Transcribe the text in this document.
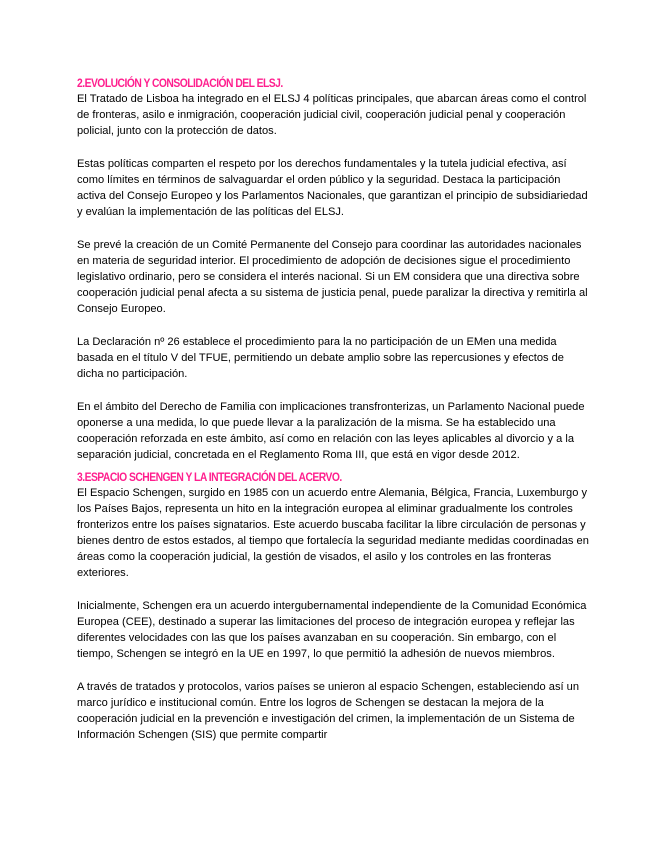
2.EVOLUCIÓN Y CONSOLIDACIÓN DEL ELSJ.

El Tratado de Lisboa ha integrado en el ELSJ 4 políticas principales, que abarcan áreas como el control de fronteras, asilo e inmigración, cooperación judicial civil, cooperación judicial penal y cooperación policial, junto con la protección de datos.

Estas políticas comparten el respeto por los derechos fundamentales y la tutela judicial efectiva, así como límites en términos de salvaguardar el orden público y la seguridad. Destaca la participación activa del Consejo Europeo y los Parlamentos Nacionales, que garantizan el principio de subsidiariedad y evalúan la implementación de las políticas del ELSJ.

Se prevé la creación de un Comité Permanente del Consejo para coordinar las autoridades nacionales en materia de seguridad interior. El procedimiento de adopción de decisiones sigue el procedimiento legislativo ordinario, pero se considera el interés nacional. Si un EM considera que una directiva sobre cooperación judicial penal afecta a su sistema de justicia penal, puede paralizar la directiva y remitirla al Consejo Europeo.

La Declaración nº 26 establece el procedimiento para la no participación de un EMen una medida basada en el título V del TFUE, permitiendo un debate amplio sobre las repercusiones y efectos de dicha no participación.

En el ámbito del Derecho de Familia con implicaciones transfronterizas, un Parlamento Nacional puede oponerse a una medida, lo que puede llevar a la paralización de la misma. Se ha establecido una cooperación reforzada en este ámbito, así como en relación con las leyes aplicables al divorcio y a la separación judicial, concretada en el Reglamento Roma III, que está en vigor desde 2012.

3.ESPACIO SCHENGEN Y LA INTEGRACIÓN DEL ACERVO.

El Espacio Schengen, surgido en 1985 con un acuerdo entre Alemania, Bélgica, Francia, Luxemburgo y los Países Bajos, representa un hito en la integración europea al eliminar gradualmente los controles fronterizos entre los países signatarios. Este acuerdo buscaba facilitar la libre circulación de personas y bienes dentro de estos estados, al tiempo que fortalecía la seguridad mediante medidas coordinadas en áreas como la cooperación judicial, la gestión de visados, el asilo y los controles en las fronteras exteriores.

Inicialmente, Schengen era un acuerdo intergubernamental independiente de la Comunidad Económica Europea (CEE), destinado a superar las limitaciones del proceso de integración europea y reflejar las diferentes velocidades con las que los países avanzaban en su cooperación. Sin embargo, con el tiempo, Schengen se integró en la UE en 1997, lo que permitió la adhesión de nuevos miembros.

A través de tratados y protocolos, varios países se unieron al espacio Schengen, estableciendo así un marco jurídico e institucional común. Entre los logros de Schengen se destacan la mejora de la cooperación judicial en la prevención e investigación del crimen, la implementación de un Sistema de Información Schengen (SIS) que permite compartir
